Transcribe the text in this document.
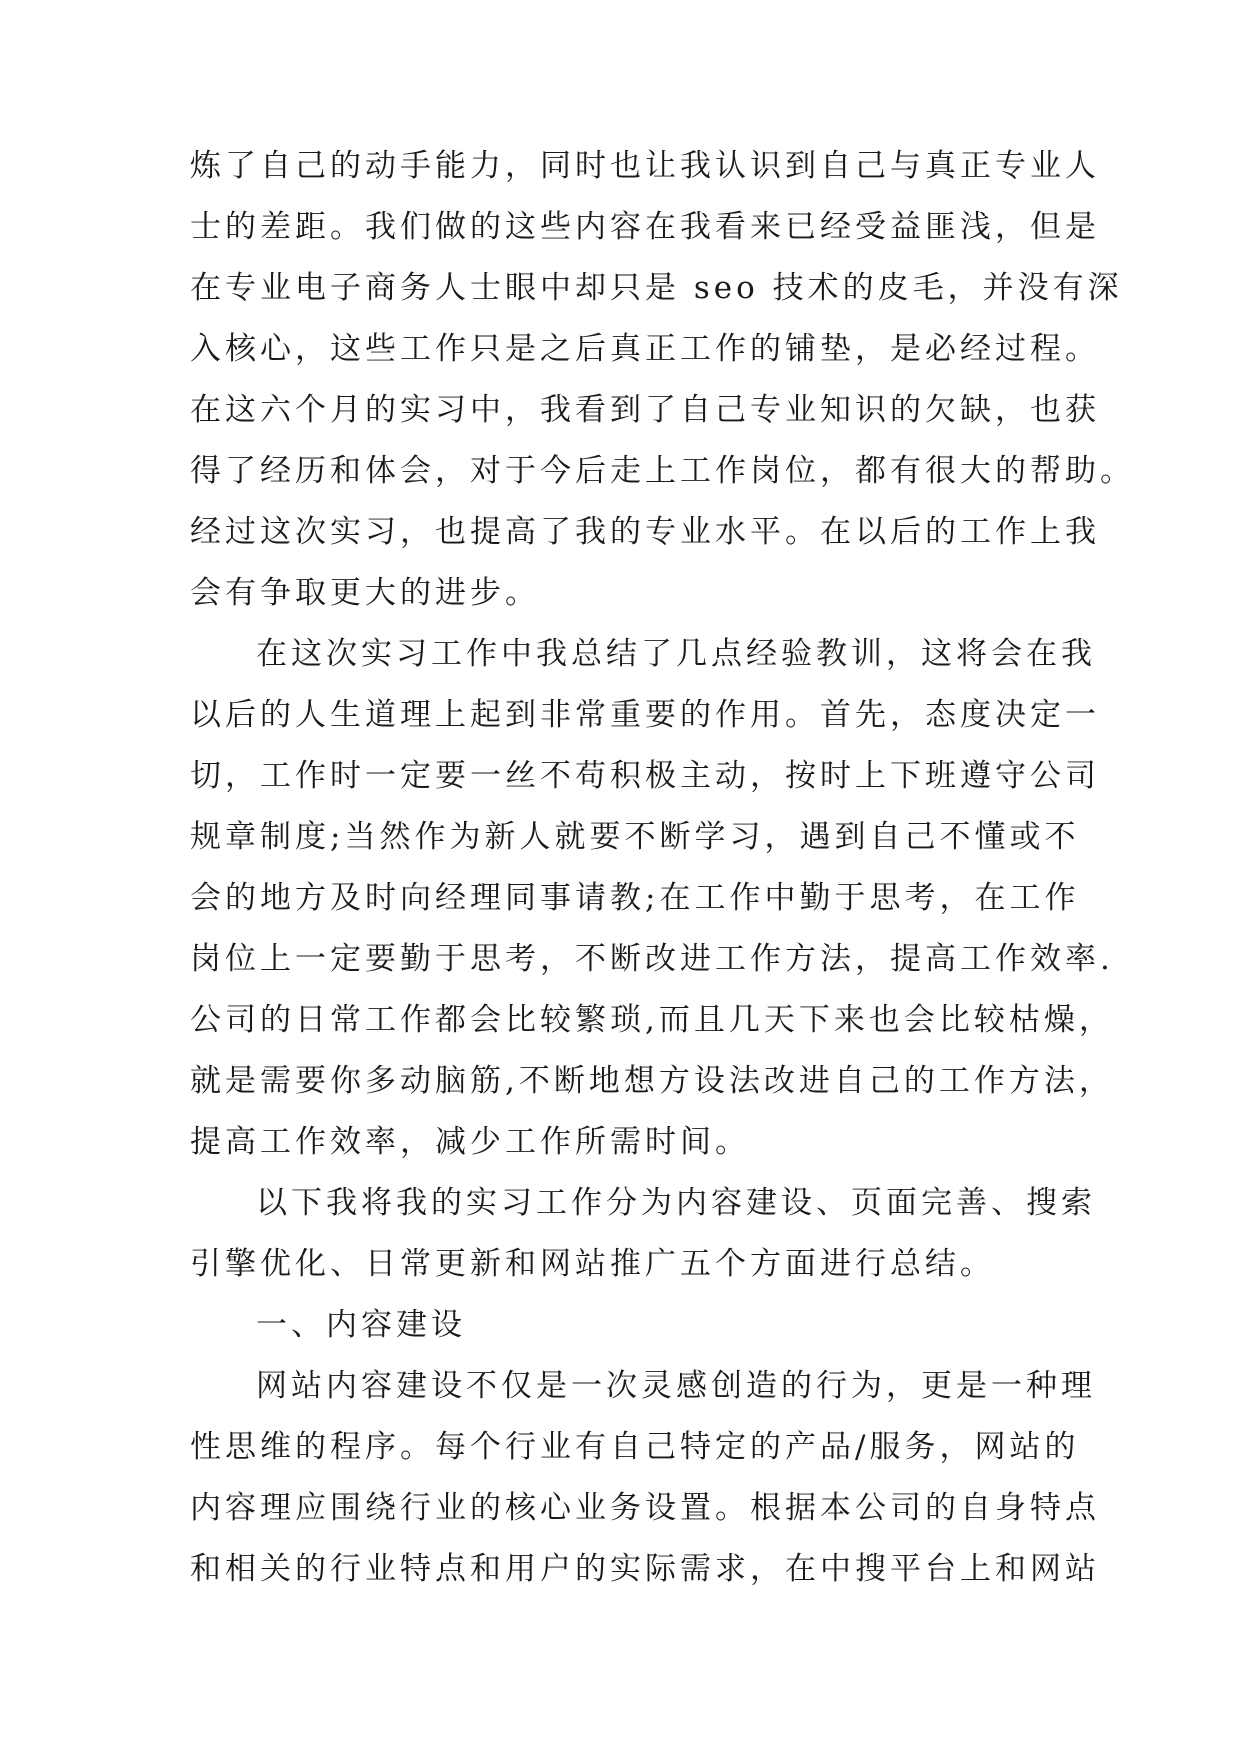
炼了自己的动手能力，同时也让我认识到自己与真正专业人
士的差距。我们做的这些内容在我看来已经受益匪浅，但是
在专业电子商务人士眼中却只是 seo 技术的皮毛，并没有深
入核心，这些工作只是之后真正工作的铺垫，是必经过程。
在这六个月的实习中，我看到了自己专业知识的欠缺，也获
得了经历和体会，对于今后走上工作岗位，都有很大的帮助。
经过这次实习，也提高了我的专业水平。在以后的工作上我
会有争取更大的进步。
在这次实习工作中我总结了几点经验教训，这将会在我
以后的人生道理上起到非常重要的作用。首先，态度决定一
切，工作时一定要一丝不苟积极主动，按时上下班遵守公司
规章制度;当然作为新人就要不断学习，遇到自己不懂或不
会的地方及时向经理同事请教;在工作中勤于思考，在工作
岗位上一定要勤于思考，不断改进工作方法，提高工作效率.
公司的日常工作都会比较繁琐,而且几天下来也会比较枯燥，
就是需要你多动脑筋,不断地想方设法改进自己的工作方法，
提高工作效率，减少工作所需时间。
以下我将我的实习工作分为内容建设、页面完善、搜索
引擎优化、日常更新和网站推广五个方面进行总结。
一、内容建设
网站内容建设不仅是一次灵感创造的行为，更是一种理
性思维的程序。每个行业有自己特定的产品/服务，网站的
内容理应围绕行业的核心业务设置。根据本公司的自身特点
和相关的行业特点和用户的实际需求，在中搜平台上和网站
